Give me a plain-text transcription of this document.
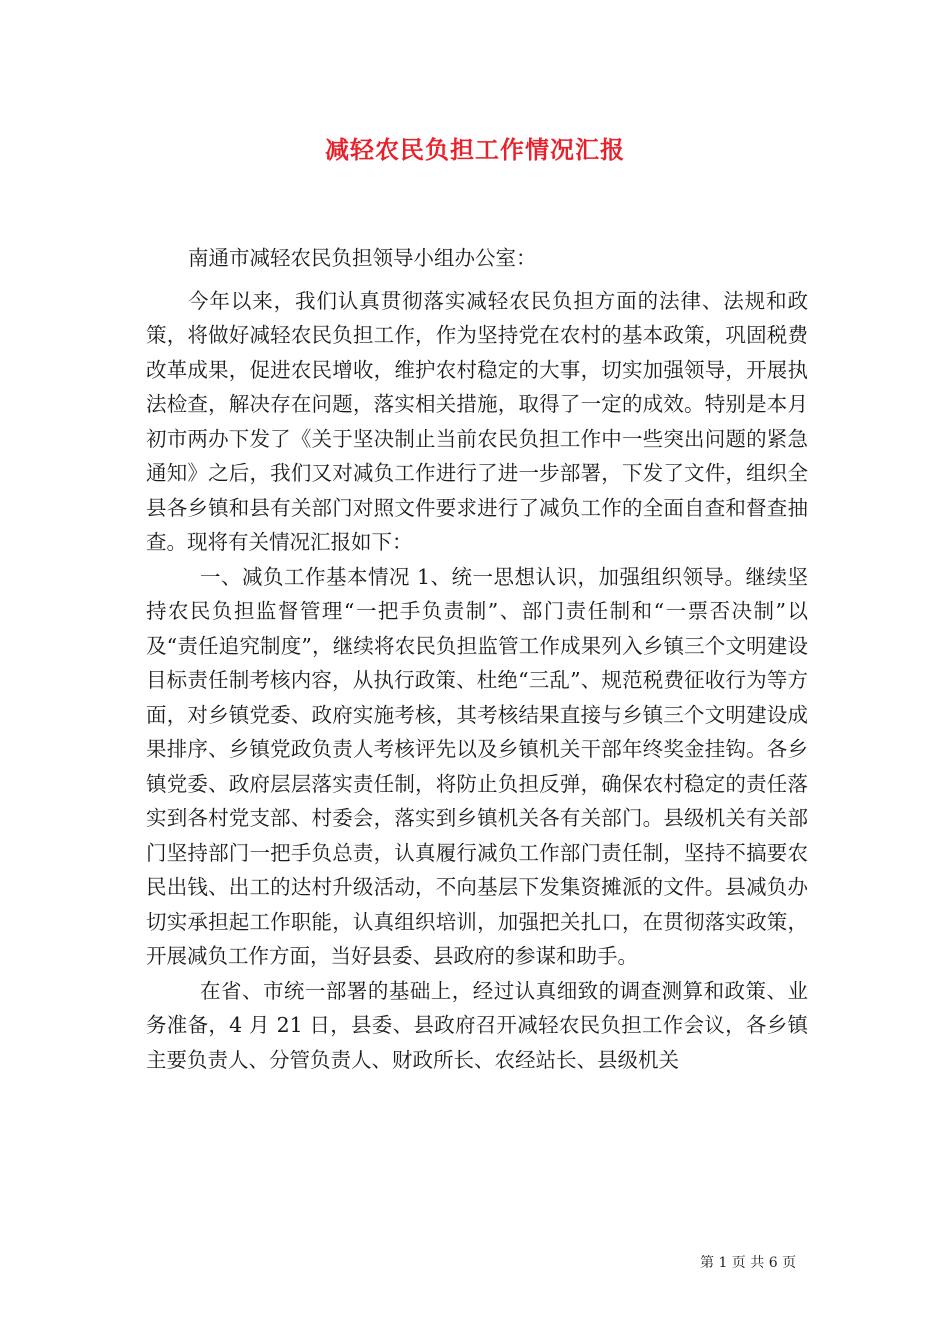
减轻农民负担工作情况汇报

南通市减轻农民负担领导小组办公室：

今年以来，我们认真贯彻落实减轻农民负担方面的法律、法规和政策，将做好减轻农民负担工作，作为坚持党在农村的基本政策，巩固税费改革成果，促进农民增收，维护农村稳定的大事，切实加强领导，开展执法检查，解决存在问题，落实相关措施，取得了一定的成效。特别是本月初市两办下发了《关于坚决制止当前农民负担工作中一些突出问题的紧急通知》之后，我们又对减负工作进行了进一步部署，下发了文件，组织全县各乡镇和县有关部门对照文件要求进行了减负工作的全面自查和督查抽查。现将有关情况汇报如下：

一、减负工作基本情况 1、统一思想认识，加强组织领导。继续坚持农民负担监督管理“一把手负责制”、部门责任制和“一票否决制”以及“责任追究制度”，继续将农民负担监管工作成果列入乡镇三个文明建设目标责任制考核内容，从执行政策、杜绝“三乱”、规范税费征收行为等方面，对乡镇党委、政府实施考核，其考核结果直接与乡镇三个文明建设成果排序、乡镇党政负责人考核评先以及乡镇机关干部年终奖金挂钩。各乡镇党委、政府层层落实责任制，将防止负担反弹，确保农村稳定的责任落实到各村党支部、村委会，落实到乡镇机关各有关部门。县级机关有关部门坚持部门一把手负总责，认真履行减负工作部门责任制，坚持不搞要农民出钱、出工的达村升级活动，不向基层下发集资摊派的文件。县减负办切实承担起工作职能，认真组织培训，加强把关扎口，在贯彻落实政策，开展减负工作方面，当好县委、县政府的参谋和助手。

在省、市统一部署的基础上，经过认真细致的调查测算和政策、业务准备，4 月 21 日，县委、县政府召开减轻农民负担工作会议，各乡镇主要负责人、分管负责人、财政所长、农经站长、县级机关

第 1 页 共 6 页
